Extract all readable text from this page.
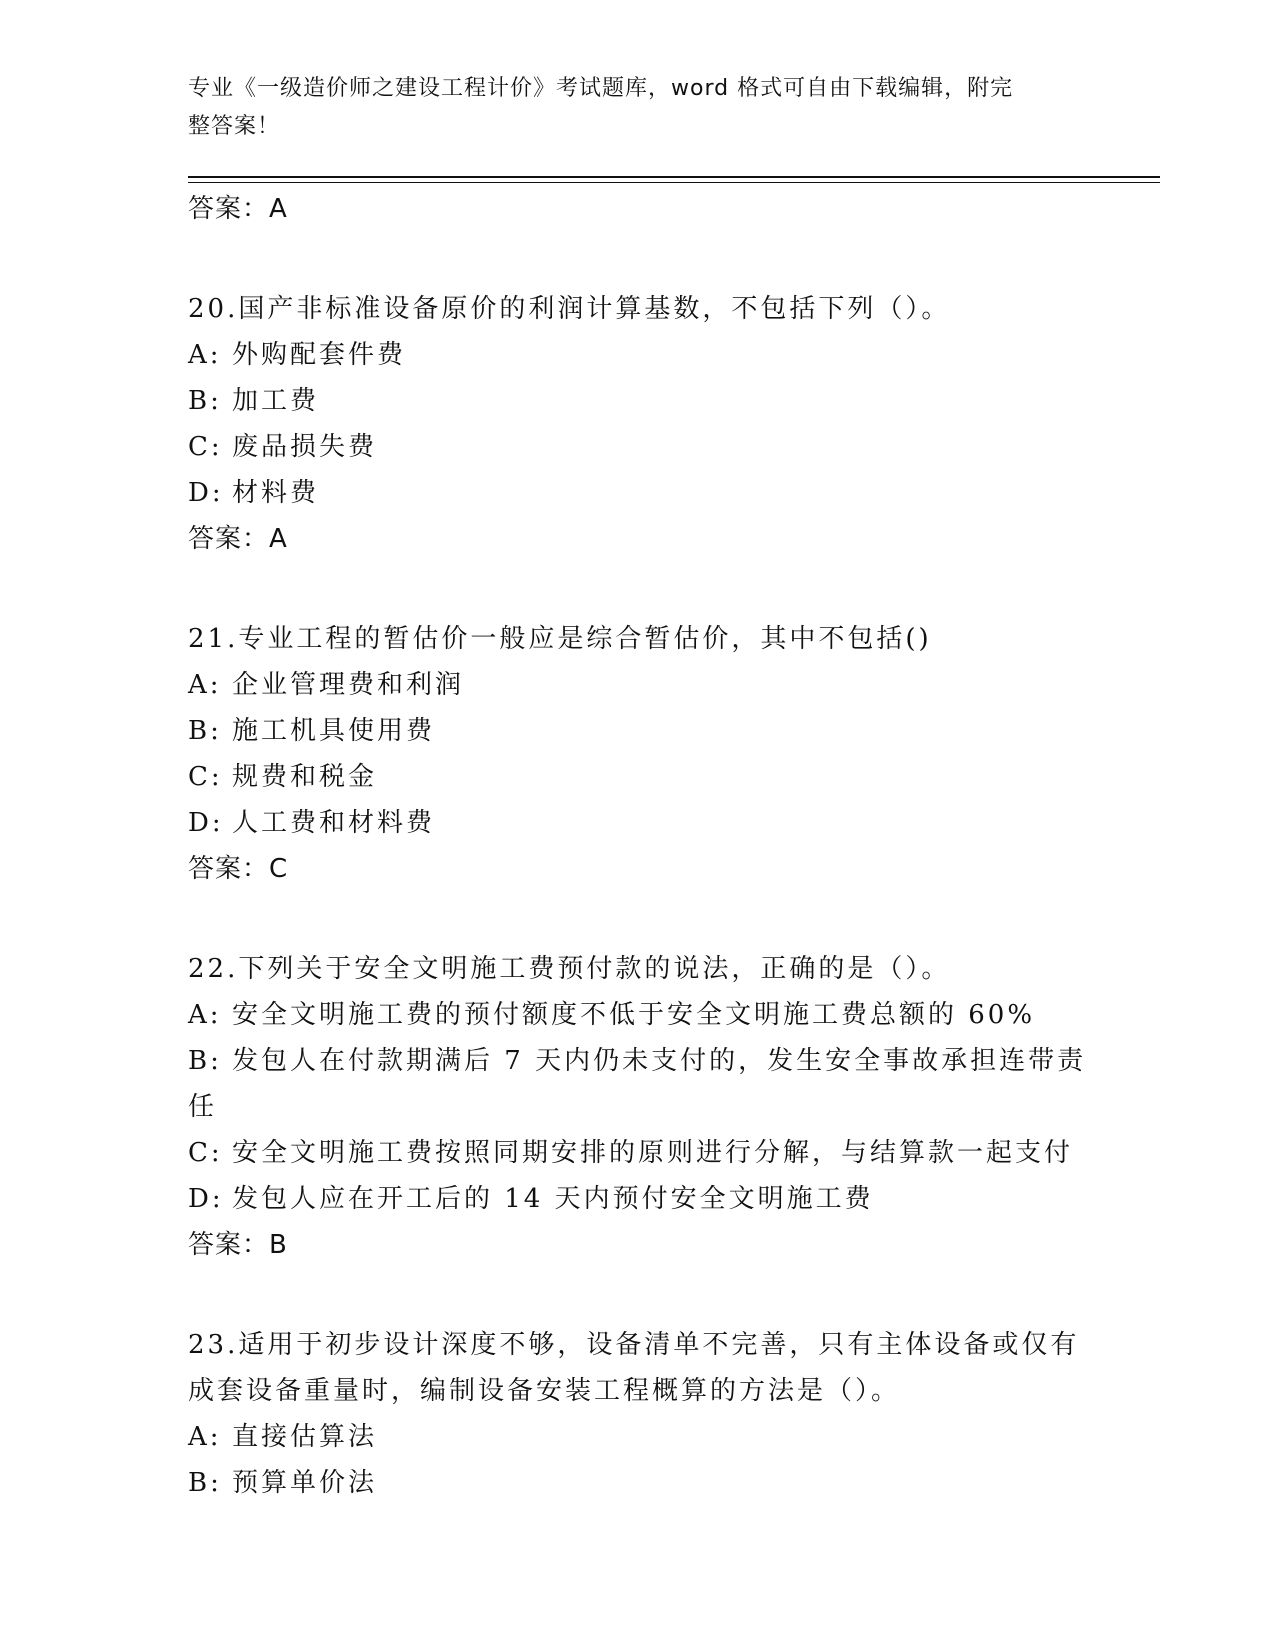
专业《一级造价师之建设工程计价》考试题库，word 格式可自由下载编辑，附完
整答案！
答案：A
20.国产非标准设备原价的利润计算基数，不包括下列（）。
A: 外购配套件费
B: 加工费
C: 废品损失费
D: 材料费
答案：A
21.专业工程的暂估价一般应是综合暂估价，其中不包括()
A: 企业管理费和利润
B: 施工机具使用费
C: 规费和税金
D: 人工费和材料费
答案：C
22.下列关于安全文明施工费预付款的说法，正确的是（）。
A: 安全文明施工费的预付额度不低于安全文明施工费总额的 60%
B: 发包人在付款期满后 7 天内仍未支付的，发生安全事故承担连带责
任
C: 安全文明施工费按照同期安排的原则进行分解，与结算款一起支付
D: 发包人应在开工后的 14 天内预付安全文明施工费
答案：B
23.适用于初步设计深度不够，设备清单不完善，只有主体设备或仅有
成套设备重量时，编制设备安装工程概算的方法是（）。
A: 直接估算法
B: 预算单价法
